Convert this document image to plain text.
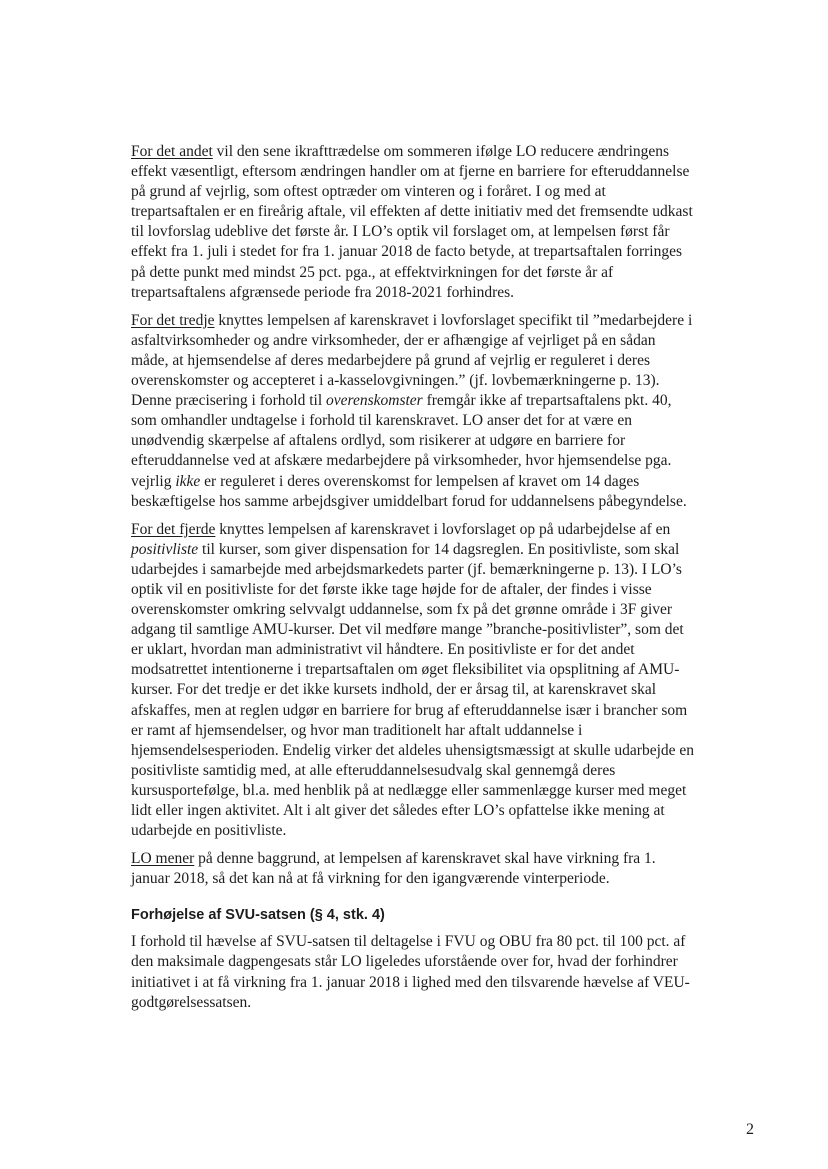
For det andet vil den sene ikrafttrædelse om sommeren ifølge LO reducere ændringens effekt væsentligt, eftersom ændringen handler om at fjerne en barriere for efteruddannelse på grund af vejrlig, som oftest optræder om vinteren og i foråret. I og med at trepartsaftalen er en fireårig aftale, vil effekten af dette initiativ med det fremsendte udkast til lovforslag udeblive det første år. I LO’s optik vil forslaget om, at lempelsen først får effekt fra 1. juli i stedet for fra 1. januar 2018 de facto betyde, at trepartsaftalen forringes på dette punkt med mindst 25 pct. pga., at effektvirkningen for det første år af trepartsaftalens afgrænsede periode fra 2018-2021 forhindres.

For det tredje knyttes lempelsen af karenskravet i lovforslaget specifikt til ”medarbejdere i asfaltvirksomheder og andre virksomheder, der er afhængige af vejrliget på en sådan måde, at hjemsendelse af deres medarbejdere på grund af vejrlig er reguleret i deres overenskomster og accepteret i a-kasselovgivningen.” (jf. lovbemærkningerne p. 13). Denne præcisering i forhold til overenskomster fremgår ikke af trepartsaftalens pkt. 40, som omhandler undtagelse i forhold til karenskravet. LO anser det for at være en unødvendig skærpelse af aftalens ordlyd, som risikerer at udgøre en barriere for efteruddannelse ved at afskære medarbejdere på virksomheder, hvor hjemsendelse pga. vejrlig ikke er reguleret i deres overenskomst for lempelsen af kravet om 14 dages beskæftigelse hos samme arbejdsgiver umiddelbart forud for uddannelsens påbegyndelse.

For det fjerde knyttes lempelsen af karenskravet i lovforslaget op på udarbejdelse af en positivliste til kurser, som giver dispensation for 14 dagsreglen. En positivliste, som skal udarbejdes i samarbejde med arbejdsmarkedets parter (jf. bemærkningerne p. 13). I LO’s optik vil en positivliste for det første ikke tage højde for de aftaler, der findes i visse overenskomster omkring selvvalgt uddannelse, som fx på det grønne område i 3F giver adgang til samtlige AMU-kurser. Det vil medføre mange ”branche-positivlister”, som det er uklart, hvordan man administrativt vil håndtere. En positivliste er for det andet modsatrettet intentionerne i trepartsaftalen om øget fleksibilitet via opsplitning af AMU-kurser. For det tredje er det ikke kursets indhold, der er årsag til, at karenskravet skal afskaffes, men at reglen udgør en barriere for brug af efteruddannelse især i brancher som er ramt af hjemsendelser, og hvor man traditionelt har aftalt uddannelse i hjemsendelsesperioden. Endelig virker det aldeles uhensigtsmæssigt at skulle udarbejde en positivliste samtidig med, at alle efteruddannelsesudvalg skal gennemgå deres kursusportefølge, bl.a. med henblik på at nedlægge eller sammenlægge kurser med meget lidt eller ingen aktivitet. Alt i alt giver det således efter LO’s opfattelse ikke mening at udarbejde en positivliste.

LO mener på denne baggrund, at lempelsen af karenskravet skal have virkning fra 1. januar 2018, så det kan nå at få virkning for den igangværende vinterperiode.

Forhøjelse af SVU-satsen (§ 4, stk. 4)

I forhold til hævelse af SVU-satsen til deltagelse i FVU og OBU fra 80 pct. til 100 pct. af den maksimale dagpengesats står LO ligeledes uforstående over for, hvad der forhindrer initiativet i at få virkning fra 1. januar 2018 i lighed med den tilsvarende hævelse af VEU-godtgørelsessatsen.

2
